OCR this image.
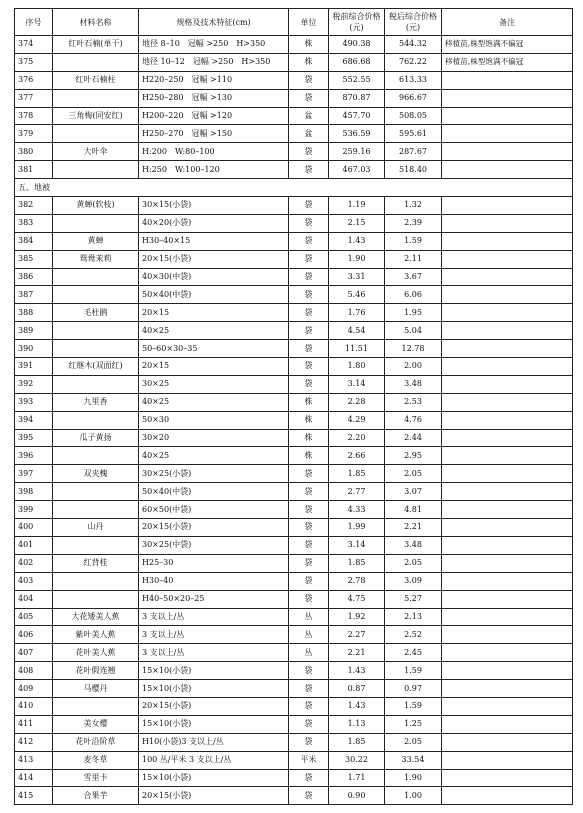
序号	材料名称	规格及技术特征(cm)	单位	税前综合价格(元)	税后综合价格(元)	备注
374	红叶石楠(单干)	地径 8–10　冠幅 >250　H>350	株	490.38	544.32	移植苗,株型饱满不偏冠
375		地径 10–12　冠幅 >250　H>350	株	686.68	762.22	移植苗,株型饱满不偏冠
376	红叶石楠柱	H220–250　冠幅 >110	袋	552.55	613.33	
377		H250–280　冠幅 >130	袋	870.87	966.67	
378	三角梅(同安红)	H200–220　冠幅 >120	盆	457.70	508.05	
379		H250–270　冠幅 >150	盆	536.59	595.61	
380	大叶伞	H:200　W:80–100	袋	259.16	287.67	
381		H:250　W:100–120	袋	467.03	518.40	
五、地被						
382	黄蝉(软枝)	30×15(小袋)	袋	1.19	1.32	
383		40×20(小袋)	袋	2.15	2.39	
384	黄蝉	H30–40×15	袋	1.43	1.59	
385	鸳鸯茉莉	20×15(小袋)	袋	1.90	2.11	
386		40×30(中袋)	袋	3.31	3.67	
387		50×40(中袋)	袋	5.46	6.06	
388	毛杜鹃	20×15	袋	1.76	1.95	
389		40×25	袋	4.54	5.04	
390		50–60×30–35	袋	11.51	12.78	
391	红继木(双面红)	20×15	袋	1.80	2.00	
392		30×25	袋	3.14	3.48	
393	九里香	40×25	株	2.28	2.53	
394		50×30	株	4.29	4.76	
395	瓜子黄扬	30×20	株	2.20	2.44	
396		40×25	株	2.66	2.95	
397	双夹槐	30×25(小袋)	袋	1.85	2.05	
398		50×40(中袋)	袋	2.77	3.07	
399		60×50(中袋)	袋	4.33	4.81	
400	山丹	20×15(小袋)	袋	1.99	2.21	
401		30×25(中袋)	袋	3.14	3.48	
402	红背桂	H25–30	袋	1.85	2.05	
403		H30–40	袋	2.78	3.09	
404		H40–50×20–25	袋	4.75	5.27	
405	大花矮美人蕉	3 支以上/丛	丛	1.92	2.13	
406	紫叶美人蕉	3 支以上/丛	丛	2.27	2.52	
407	花叶美人蕉	3 支以上/丛	丛	2.21	2.45	
408	花叶假连翘	15×10(小袋)	袋	1.43	1.59	
409	马樱丹	15×10(小袋)	袋	0.87	0.97	
410		20×15(小袋)	袋	1.43	1.59	
411	美女樱	15×10(小袋)	袋	1.13	1.25	
412	花叶沿阶草	H10(小袋)3 支以上/丛	袋	1.85	2.05	
413	麦冬草	100 丛/平米 3 支以上/丛	平米	30.22	33.54	
414	雪里卡	15×10(小袋)	袋	1.71	1.90	
415	合果芋	20×15(小袋)	袋	0.90	1.00	
